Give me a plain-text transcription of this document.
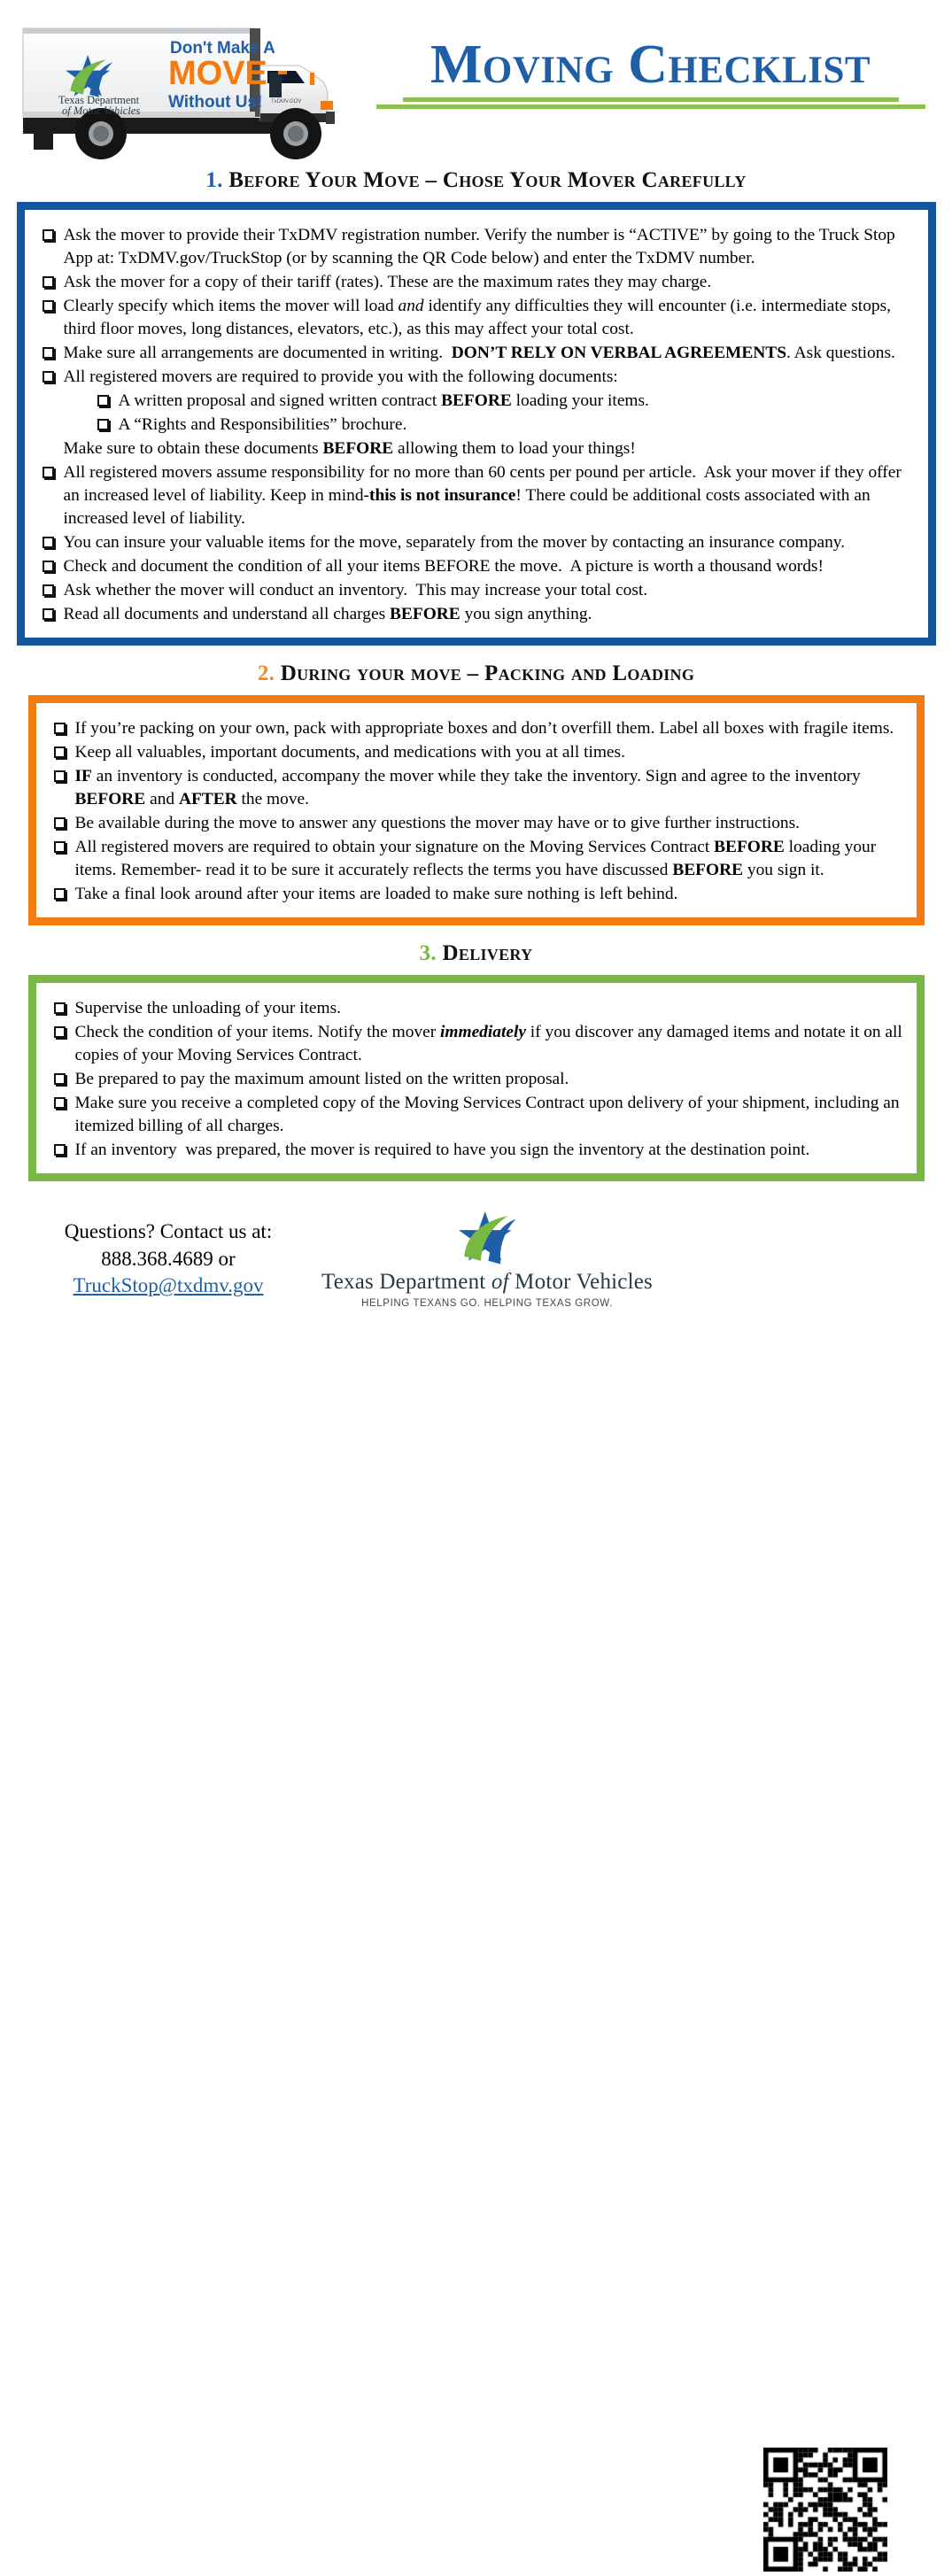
TxDMV.GOV
Texas Department
of Motor Vehicles
Don't Make A
MOVE
Without Us!
Moving Checklist
1. Before Your Move – Chose Your Mover Carefully
Ask the mover to provide their TxDMV registration number. Verify the number is “ACTIVE” by going to the Truck Stop App at: TxDMV.gov/TruckStop (or by scanning the QR Code below) and enter the TxDMV number.
Ask the mover for a copy of their tariff (rates). These are the maximum rates they may charge.
Clearly specify which items the mover will load and identify any difficulties they will encounter (i.e. intermediate stops, third floor moves, long distances, elevators, etc.), as this may affect your total cost.
Make sure all arrangements are documented in writing.  DON’T RELY ON VERBAL AGREEMENTS. Ask questions.
All registered movers are required to provide you with the following documents:
A written proposal and signed written contract BEFORE loading your items.
A “Rights and Responsibilities” brochure.
Make sure to obtain these documents BEFORE allowing them to load your things!
All registered movers assume responsibility for no more than 60 cents per pound per article.  Ask your mover if they offer an increased level of liability. Keep in mind-this is not insurance! There could be additional costs associated with an increased level of liability.
You can insure your valuable items for the move, separately from the mover by contacting an insurance company.
Check and document the condition of all your items BEFORE the move.  A picture is worth a thousand words!
Ask whether the mover will conduct an inventory.  This may increase your total cost.
Read all documents and understand all charges BEFORE you sign anything.
2. During your move – Packing and Loading
If you’re packing on your own, pack with appropriate boxes and don’t overfill them. Label all boxes with fragile items.
Keep all valuables, important documents, and medications with you at all times.
IF an inventory is conducted, accompany the mover while they take the inventory. Sign and agree to the inventory BEFORE and AFTER the move.
Be available during the move to answer any questions the mover may have or to give further instructions.
All registered movers are required to obtain your signature on the Moving Services Contract BEFORE loading your items. Remember- read it to be sure it accurately reflects the terms you have discussed BEFORE you sign it.
Take a final look around after your items are loaded to make sure nothing is left behind.
3. Delivery
Supervise the unloading of your items.
Check the condition of your items. Notify the mover immediately if you discover any damaged items and notate it on all copies of your Moving Services Contract.
Be prepared to pay the maximum amount listed on the written proposal.
Make sure you receive a completed copy of the Moving Services Contract upon delivery of your shipment, including an itemized billing of all charges.
If an inventory  was prepared, the mover is required to have you sign the inventory at the destination point.
Questions? Contact us at:
888.368.4689 or
TruckStop@txdmv.gov	Texas Department of Motor Vehicles
HELPING TEXANS GO. HELPING TEXAS GROW.
